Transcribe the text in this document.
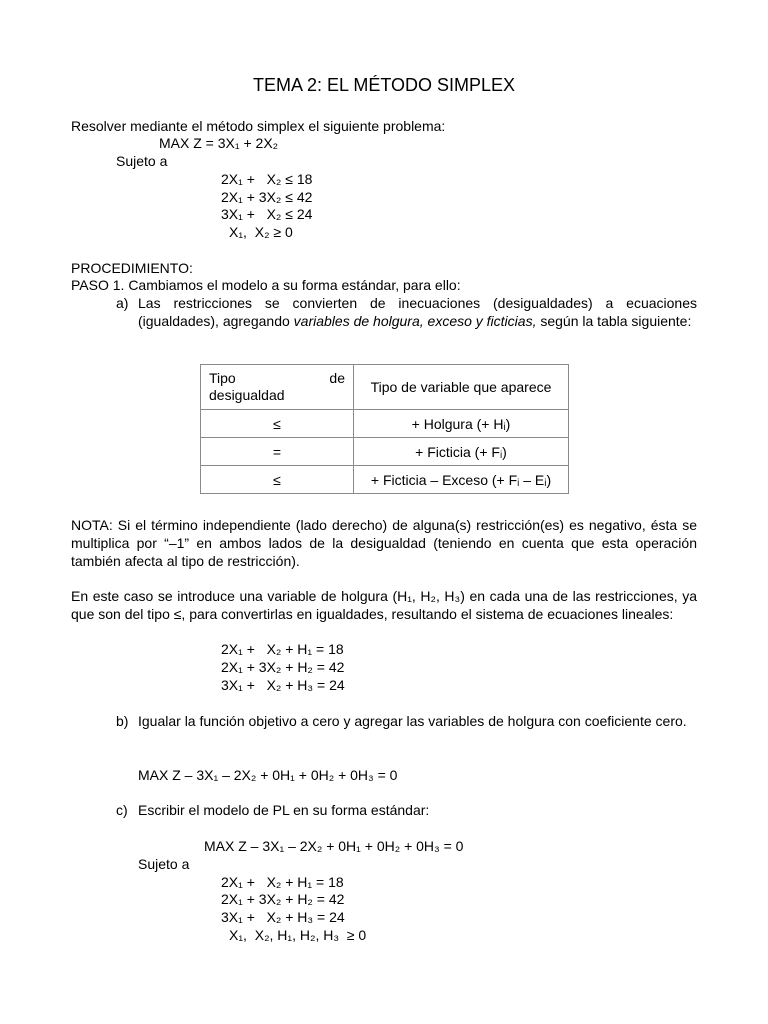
TEMA 2: EL MÉTODO SIMPLEX
Resolver mediante el método simplex el siguiente problema:
MAX Z = 3X₁ + 2X₂
Sujeto a
2X₁ +   X₂ ≤ 18
2X₁ + 3X₂ ≤ 42
3X₁ +   X₂ ≤ 24
X₁,  X₂ ≥ 0
PROCEDIMIENTO:
PASO 1. Cambiamos el modelo a su forma estándar, para ello:
a) Las restricciones se convierten de inecuaciones (desigualdades) a ecuaciones (igualdades), agregando variables de holgura, exceso y ficticias, según la tabla siguiente:
Tipo de
desigualdad	Tipo de variable que aparece
≤	+ Holgura (+ Hᵢ)
=	+ Ficticia (+ Fᵢ)
≤	+ Ficticia – Exceso (+ Fᵢ – Eᵢ)
NOTA: Si el término independiente (lado derecho) de alguna(s) restricción(es) es negativo, ésta se multiplica por “–1” en ambos lados de la desigualdad (teniendo en cuenta que esta operación también afecta al tipo de restricción).
En este caso se introduce una variable de holgura (H₁, H₂, H₃) en cada una de las restricciones, ya que son del tipo ≤, para convertirlas en igualdades, resultando el sistema de ecuaciones lineales:
2X₁ +   X₂ + H₁ = 18
2X₁ + 3X₂ + H₂ = 42
3X₁ +   X₂ + H₃ = 24
b) Igualar la función objetivo a cero y agregar las variables de holgura con coeficiente cero.
MAX Z – 3X₁ – 2X₂ + 0H₁ + 0H₂ + 0H₃ = 0
c) Escribir el modelo de PL en su forma estándar:
MAX Z – 3X₁ – 2X₂ + 0H₁ + 0H₂ + 0H₃ = 0
Sujeto a
2X₁ +   X₂ + H₁ = 18
2X₁ + 3X₂ + H₂ = 42
3X₁ +   X₂ + H₃ = 24
X₁,  X₂, H₁, H₂, H₃  ≥ 0
